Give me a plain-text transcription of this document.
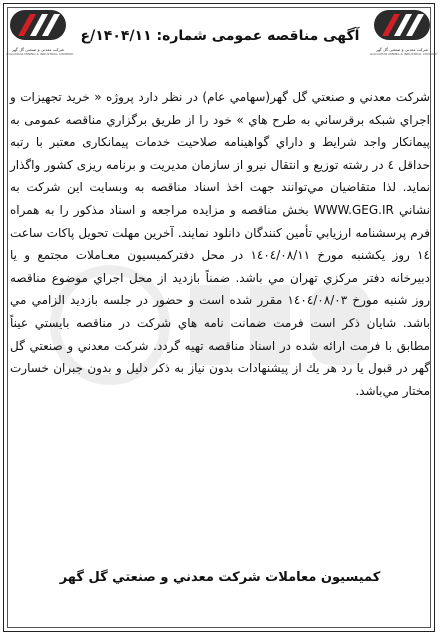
شرکت معدنی و صنعتی گل گهر
GOLGOHAR MINING & INDUSTRIAL COMPANY
آگهی مناقصه عمومی شماره: ۱۴۰۴/۱۱/ع
شرکت معدنی و صنعتی گل گهر
GOLGOHAR MINING & INDUSTRIAL COMPANY
شركت معدني و صنعتي گل گهر(سهامي عام) در نظر دارد پروژه « خريد تجهيزات و اجراي شبكه برقرساني به طرح هاي » خود را از طريق برگزاري مناقصه عمومی به پيمانكار واجد شرايط و داراي گواهينامه صلاحيت خدمات پيمانکاری معتبر با رتبه حداقل ٤ در رشته توزیع و انتقال نیرو از سازمان مدیریت و برنامه ریزی کشور واگذار نماید. لذا متقاضيان مي‌توانند جهت اخذ اسناد مناقصه به وبسایت این شرکت به نشاني WWW.GEG.IR بخش مناقصه و مزایده مراجعه و اسناد مذکور را به همراه فرم پرسشنامه ارزيابي تأمين كنندگان دانلود نمايند. آخرين مهلت تحويل پاكات ساعت ۱٤ روز یکشنبه مورخ ۱٤٠٤/٠٨/۱۱ در محل دفترکمیسیون معـاملات مجتمع و يا دبيرخانه دفتر مركزي تهران مي باشد. ضمناً بازديد از محل اجراي موضوع مناقصه روز شنبه مورخ ۱٤٠٤/٠٨/٠٣ مقرر شده است و حضور در جلسه بازديد الزامي مي باشد. شايان ذكر است فرمت ضمانت نامه هاي شركت در مناقصه بايستي عيناً مطابق با فرمت ارائه شده در اسناد مناقصه تهيه گردد. شركت معدني و صنعتي گل گهر در قبول يا رد هر يك از پيشنهادات بدون نياز به ذكر دليل و بدون جبران خسارت مختار مي‌باشد.
كميسيون معاملات شركت معدني و صنعتي گل گهر
